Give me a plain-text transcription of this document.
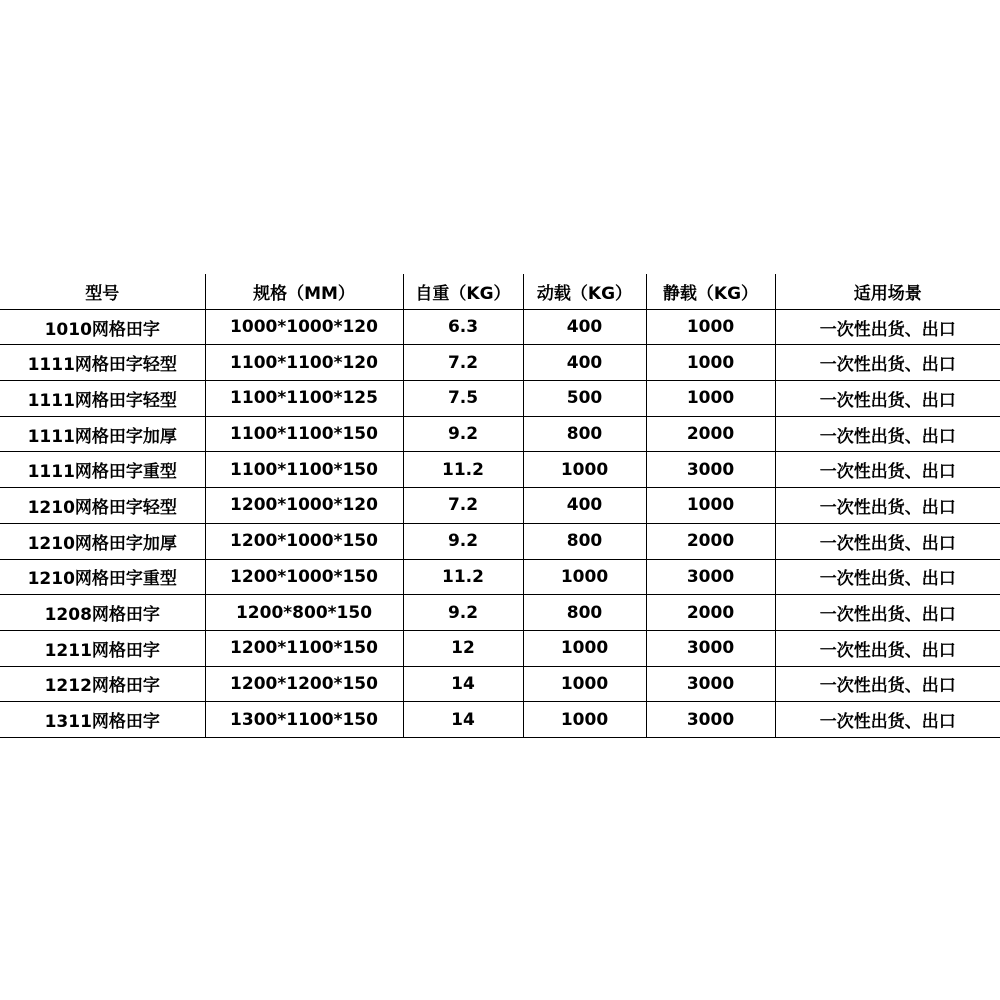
型号	规格（MM）	自重（KG）	动载（KG）	静载（KG）	适用场景
1010网格田字	1000*1000*120	6.3	400	1000	一次性出货、出口
1111网格田字轻型	1100*1100*120	7.2	400	1000	一次性出货、出口
1111网格田字轻型	1100*1100*125	7.5	500	1000	一次性出货、出口
1111网格田字加厚	1100*1100*150	9.2	800	2000	一次性出货、出口
1111网格田字重型	1100*1100*150	11.2	1000	3000	一次性出货、出口
1210网格田字轻型	1200*1000*120	7.2	400	1000	一次性出货、出口
1210网格田字加厚	1200*1000*150	9.2	800	2000	一次性出货、出口
1210网格田字重型	1200*1000*150	11.2	1000	3000	一次性出货、出口
1208网格田字	1200*800*150	9.2	800	2000	一次性出货、出口
1211网格田字	1200*1100*150	12	1000	3000	一次性出货、出口
1212网格田字	1200*1200*150	14	1000	3000	一次性出货、出口
1311网格田字	1300*1100*150	14	1000	3000	一次性出货、出口
